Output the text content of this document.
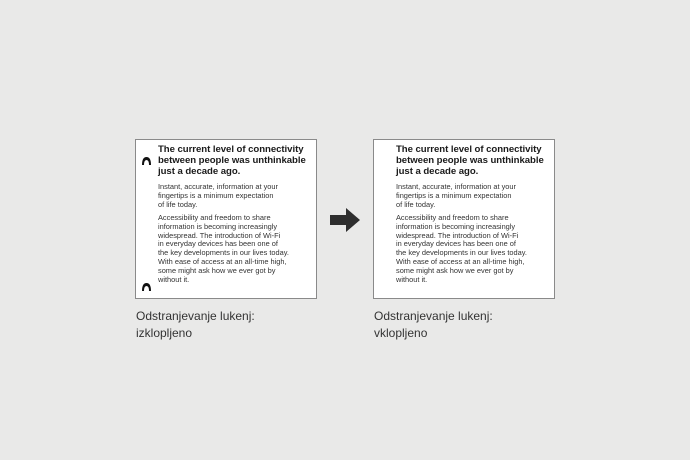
The current level of connectivity
between people was unthinkable
just a decade ago.

Instant, accurate, information at your
fingertips is a minimum expectation
of life today.

Accessibility and freedom to share
information is becoming increasingly
widespread. The introduction of Wi-Fi
in everyday devices has been one of
the key developments in our lives today.
With ease of access at an all-time high,
some might ask how we ever got by
without it.

The current level of connectivity
between people was unthinkable
just a decade ago.

Instant, accurate, information at your
fingertips is a minimum expectation
of life today.

Accessibility and freedom to share
information is becoming increasingly
widespread. The introduction of Wi-Fi
in everyday devices has been one of
the key developments in our lives today.
With ease of access at an all-time high,
some might ask how we ever got by
without it.

Odstranjevanje lukenj:
izklopljeno

Odstranjevanje lukenj:
vklopljeno
